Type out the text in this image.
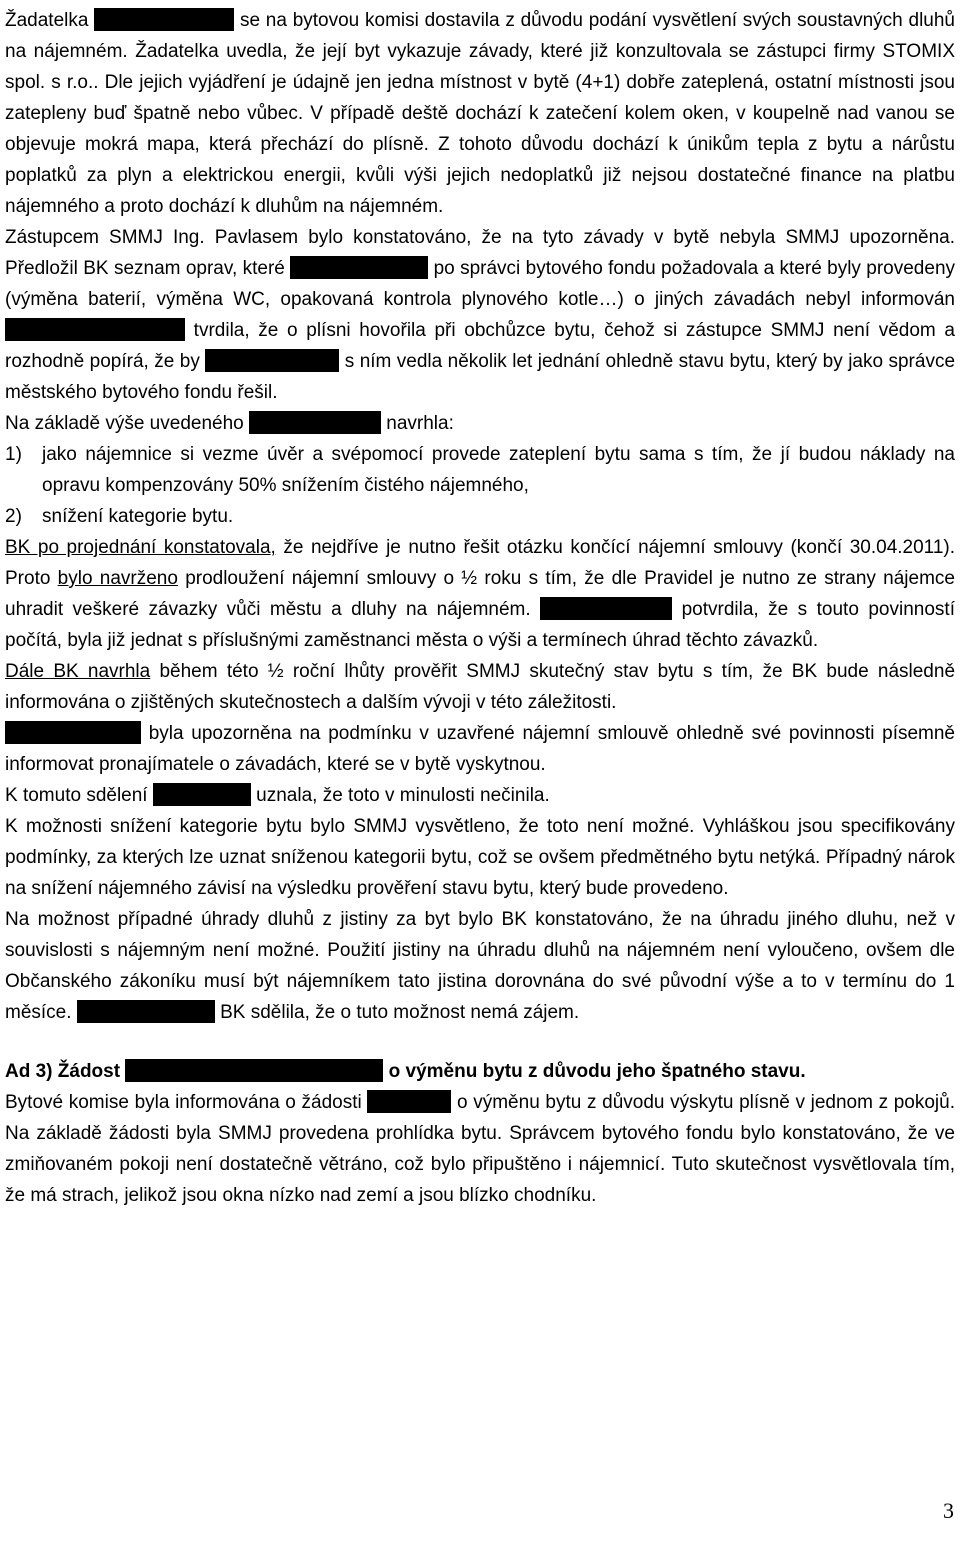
Žadatelka	se na bytovou komisi dostavila z důvodu podání vysvětlení svých soustavných dluhů na nájemném. Žadatelka uvedla, že její byt vykazuje závady, které již konzultovala se zástupci firmy STOMIX spol. s r.o.. Dle jejich vyjádření je údajně jen jedna místnost v bytě (4+1) dobře zateplená, ostatní místnosti jsou zatepleny buď špatně nebo vůbec. V případě deště dochází k zatečení kolem oken, v koupelně nad vanou se objevuje mokrá mapa, která přechází do plísně. Z tohoto důvodu dochází k únikům tepla z bytu a nárůstu poplatků za plyn a elektrickou energii, kvůli výši jejich nedoplatků již nejsou dostatečné finance na platbu nájemného a proto dochází k dluhům na nájemném.

Zástupcem SMMJ Ing. Pavlasem bylo konstatováno, že na tyto závady v bytě nebyla SMMJ upozorněna. Předložil BK seznam oprav, které	po správci bytového fondu požadovala a které byly provedeny (výměna baterií, výměna WC, opakovaná kontrola plynového kotle…) o jiných závadách nebyl informován tvrdila, že o plísni hovořila při obchůzce bytu, čehož si zástupce SMMJ není vědom a rozhodně popírá, že by	s ním vedla několik let jednání ohledně stavu bytu, který by jako správce městského bytového fondu řešil.

Na základě výše uvedeného	navrhla:

1) jako nájemnice si vezme úvěr a svépomocí provede zateplení bytu sama s tím, že jí budou náklady na opravu kompenzovány 50% snížením čistého nájemného,
2) snížení kategorie bytu.

BK po projednání konstatovala, že nejdříve je nutno řešit otázku končící nájemní smlouvy (končí 30.04.2011). Proto bylo navrženo prodloužení nájemní smlouvy o ½ roku s tím, že dle Pravidel je nutno ze strany nájemce uhradit veškeré závazky vůči městu a dluhy na nájemném.	potvrdila, že s touto povinností počítá, byla již jednat s příslušnými zaměstnanci města o výši a termínech úhrad těchto závazků.

Dále BK navrhla během této ½ roční lhůty prověřit SMMJ skutečný stav bytu s tím, že BK bude následně informována o zjištěných skutečnostech a dalším vývoji v této záležitosti.

byla upozorněna na podmínku v uzavřené nájemní smlouvě ohledně své povinnosti písemně informovat pronajímatele o závadách, které se v bytě vyskytnou.

K tomuto sdělení	uznala, že toto v minulosti nečinila.

K možnosti snížení kategorie bytu bylo SMMJ vysvětleno, že toto není možné. Vyhláškou jsou specifikovány podmínky, za kterých lze uznat sníženou kategorii bytu, což se ovšem předmětného bytu netýká. Případný nárok na snížení nájemného závisí na výsledku prověření stavu bytu, který bude provedeno.

Na možnost případné úhrady dluhů z jistiny za byt bylo BK konstatováno, že na úhradu jiného dluhu, než v souvislosti s nájemným není možné. Použití jistiny na úhradu dluhů na nájemném není vyloučeno, ovšem dle Občanského zákoníku musí být nájemníkem tato jistina dorovnána do své původní výše a to v termínu do 1 měsíce.	BK sdělila, že o tuto možnost nemá zájem.

Ad 3) Žádost	o výměnu bytu z důvodu jeho špatného stavu.

Bytové komise byla informována o žádosti	o výměnu bytu z důvodu výskytu plísně v jednom z pokojů. Na základě žádosti byla SMMJ provedena prohlídka bytu. Správcem bytového fondu bylo konstatováno, že ve zmiňovaném pokoji není dostatečně větráno, což bylo připuštěno i nájemnicí. Tuto skutečnost vysvětlovala tím, že má strach, jelikož jsou okna nízko nad zemí a jsou blízko chodníku.

3
